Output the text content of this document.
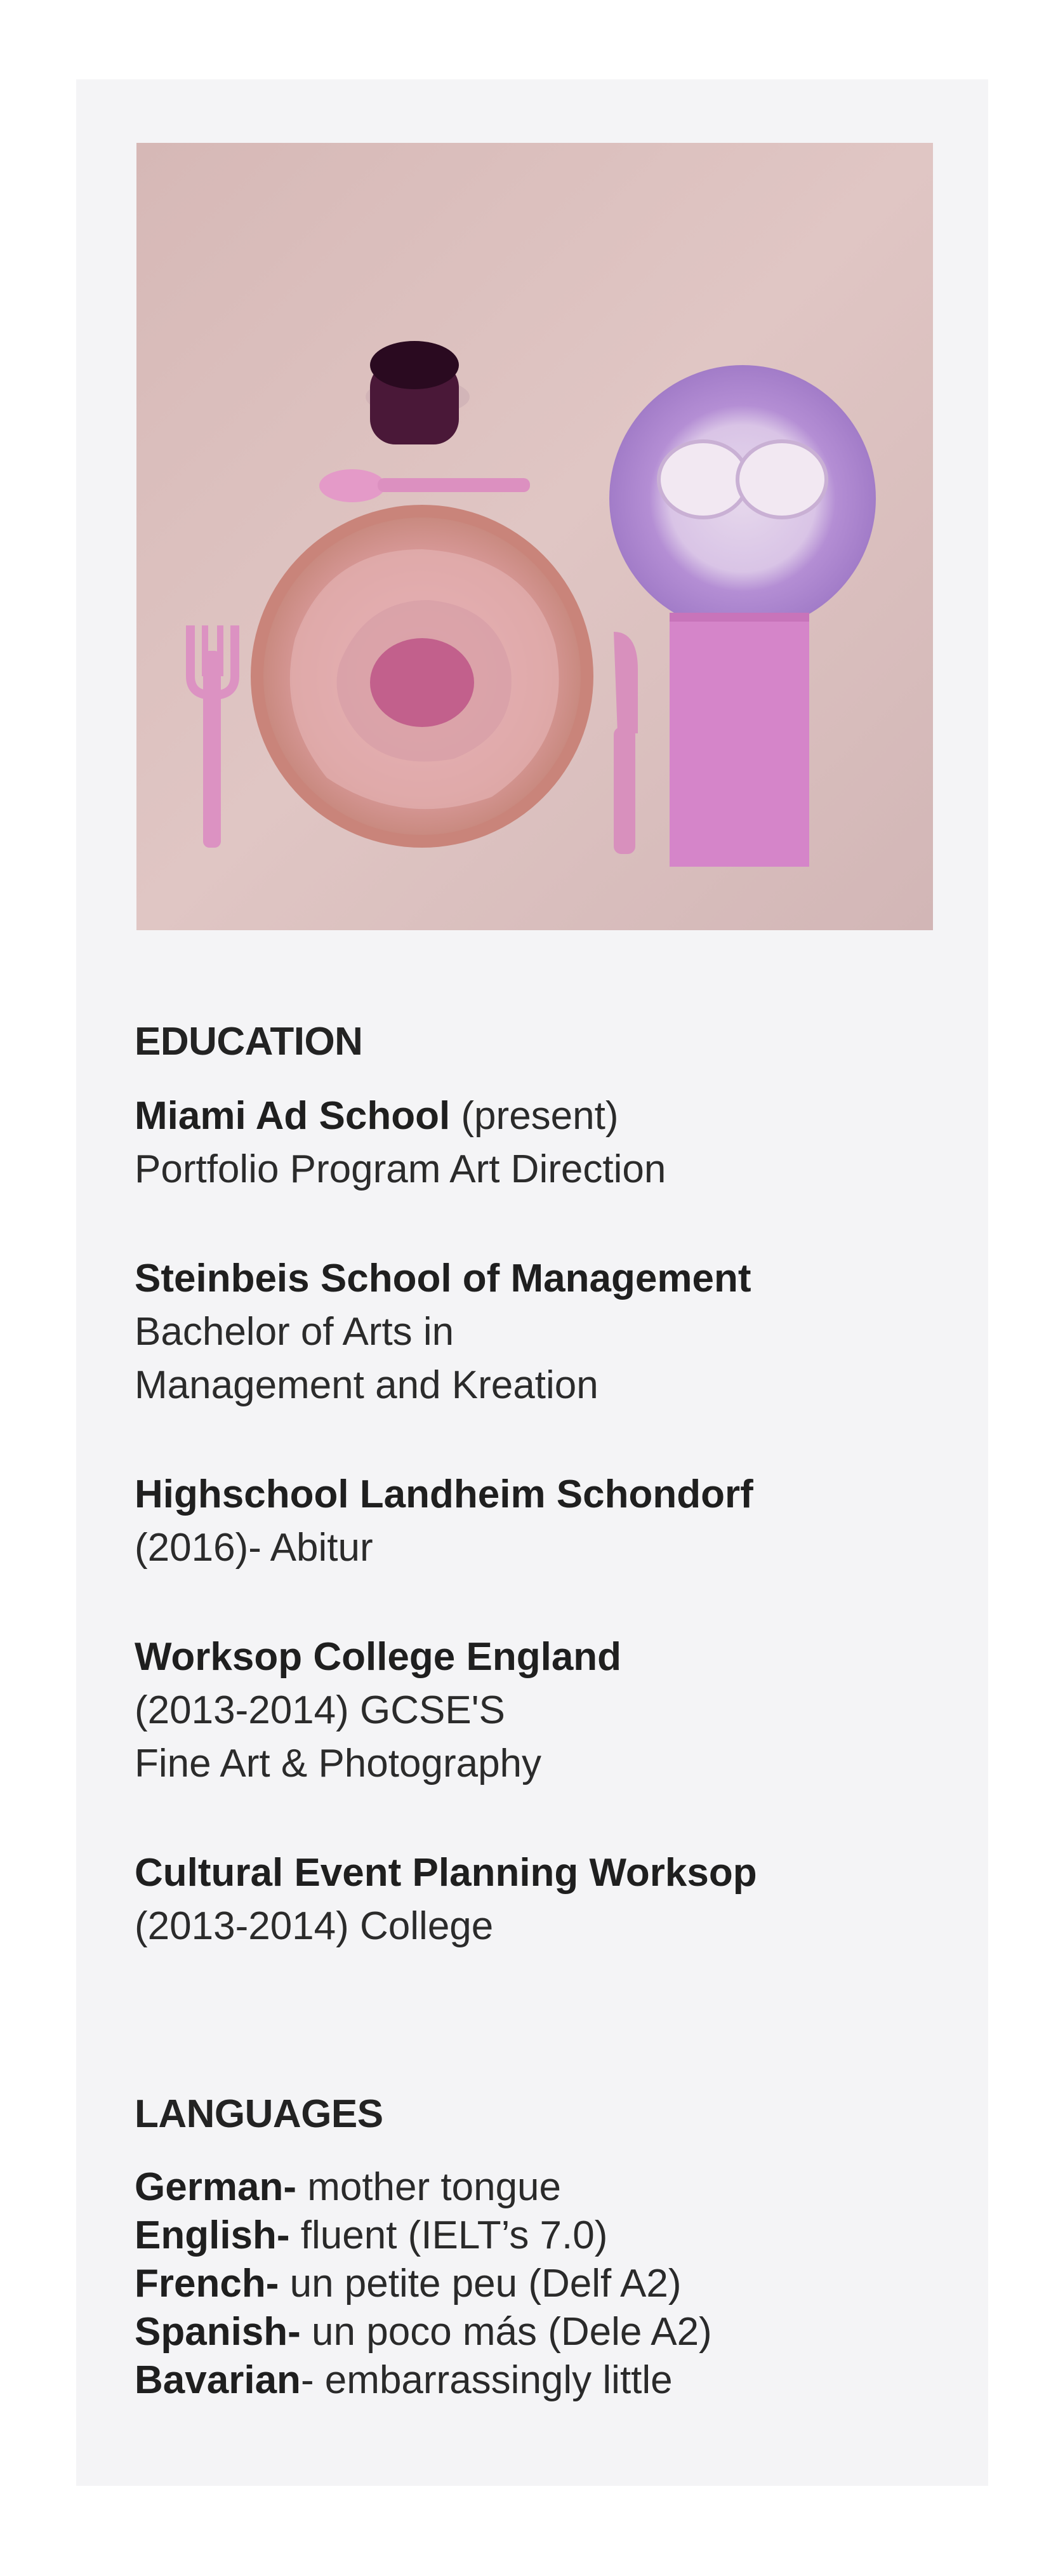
EDUCATION
Miami Ad School (present)
Portfolio Program Art Direction
Steinbeis School of Management
Bachelor of Arts in
Management and Kreation
Highschool Landheim Schondorf
(2016)- Abitur
Worksop College England
(2013-2014) GCSE'S
Fine Art & Photography
Cultural Event Planning Worksop
(2013-2014) College
LANGUAGES
German- mother tongue
English- fluent (IELT’s 7.0)
French- un petite peu (Delf A2)
Spanish- un poco más (Dele A2)
Bavarian- embarrassingly little
